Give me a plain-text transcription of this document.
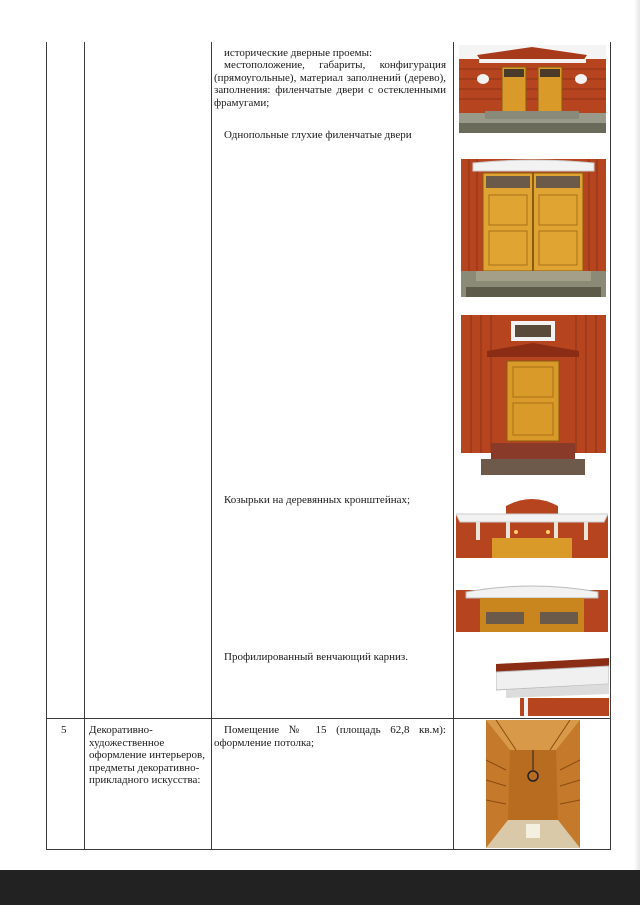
исторические дверные проемы:
местоположение, габариты, конфигурация (прямоугольные), материал заполнений (дерево), заполнения: филенчатые двери с остекленными фрамугами;
Однопольные глухие филенчатые двери
Козырьки на деревянных кронштейнах;
Профилированный венчающий карниз.
5	Декоративно-художественное оформление интерьеров, предметы декоративно-прикладного искусства:
Помещение № 15 (площадь 62,8 кв.м): оформление потолка;
